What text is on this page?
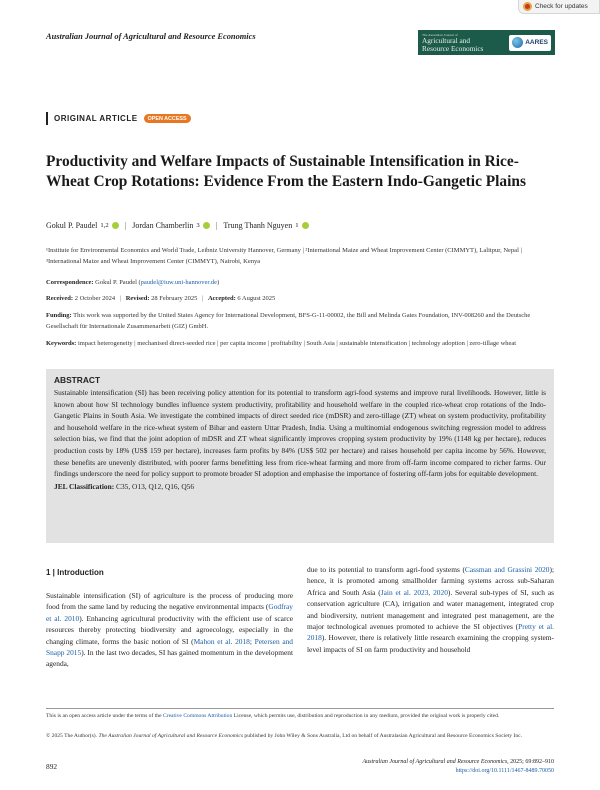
Check for updates
Australian Journal of Agricultural and Resource Economics	The Australian Journal of
Agricultural and
Resource Economics
AARES
ORIGINAL ARTICLE	OPEN ACCESS
Productivity and Welfare Impacts of Sustainable Intensification in Rice-Wheat Crop Rotations: Evidence From the Eastern Indo-Gangetic Plains
Gokul P. Paudel 1,2 | Jordan Chamberlin 3 | Trung Thanh Nguyen 1

¹Institute for Environmental Economics and World Trade, Leibniz University Hannover, Germany | ²International Maize and Wheat Improvement Center (CIMMYT), Lalitpur, Nepal | ³International Maize and Wheat Improvement Center (CIMMYT), Nairobi, Kenya

Correspondence: Gokul P. Paudel (paudel@iuw.uni-hannover.de)

Received: 2 October 2024 | Revised: 28 February 2025 | Accepted: 6 August 2025

Funding: This work was supported by the United States Agency for International Development, BFS-G-11-00002, the Bill and Melinda Gates Foundation, INV-008260 and the Deutsche Gesellschaft für Internationale Zusammenarbeit (GIZ) GmbH.

Keywords: impact heterogeneity | mechanised direct-seeded rice | per capita income | profitability | South Asia | sustainable intensification | technology adoption | zero-tillage wheat

ABSTRACT

Sustainable intensification (SI) has been receiving policy attention for its potential to transform agri-food systems and improve rural livelihoods. However, little is known about how SI technology bundles influence system productivity, profitability and household welfare in the coupled rice-wheat crop rotations of the Indo-Gangetic Plains in South Asia. We investigate the combined impacts of direct seeded rice (mDSR) and zero-tillage (ZT) wheat on system productivity, profitability and household welfare in the rice-wheat system of Bihar and eastern Uttar Pradesh, India. Using a multinomial endogenous switching regression model to address selection bias, we find that the joint adoption of mDSR and ZT wheat significantly improves cropping system productivity by 19% (1148 kg per hectare), reduces production costs by 18% (US$ 159 per hectare), increases farm profits by 84% (US$ 502 per hectare) and raises household per capita income by 56%. However, these benefits are unevenly distributed, with poorer farms benefitting less from rice-wheat farming and more from off-farm income compared to richer farms. Our findings underscore the need for policy support to promote broader SI adoption and emphasise the importance of fostering off-farm jobs for equitable development.

JEL Classification: C35, O13, Q12, Q16, Q56

1 | Introduction

Sustainable intensification (SI) of agriculture is the process of producing more food from the same land by reducing the negative environmental impacts (Godfray et al. 2010). Enhancing agricultural productivity with the efficient use of scarce resources thereby protecting biodiversity and agroecology, especially in the changing climate, forms the basic notion of SI (Mahon et al. 2018; Petersen and Snapp 2015). In the last two decades, SI has gained momentum in the development agenda,

due to its potential to transform agri-food systems (Cassman and Grassini 2020); hence, it is promoted among smallholder farming systems across sub-Saharan Africa and South Asia (Jain et al. 2023, 2020). Several sub-types of SI, such as conservation agriculture (CA), irrigation and water management, integrated crop and biodiversity, nutrient management and integrated pest management, are the major technological avenues promoted to achieve the SI objectives (Pretty et al. 2018). However, there is relatively little research examining the cropping system-level impacts of SI on farm productivity and household

This is an open access article under the terms of the Creative Commons Attribution License, which permits use, distribution and reproduction in any medium, provided the original work is properly cited.

© 2025 The Author(s). The Australian Journal of Agricultural and Resource Economics published by John Wiley & Sons Australia, Ltd on behalf of Australasian Agricultural and Resource Economics Society Inc.

892	Australian Journal of Agricultural and Resource Economics, 2025; 69:892–910
https://doi.org/10.1111/1467-8489.70050
